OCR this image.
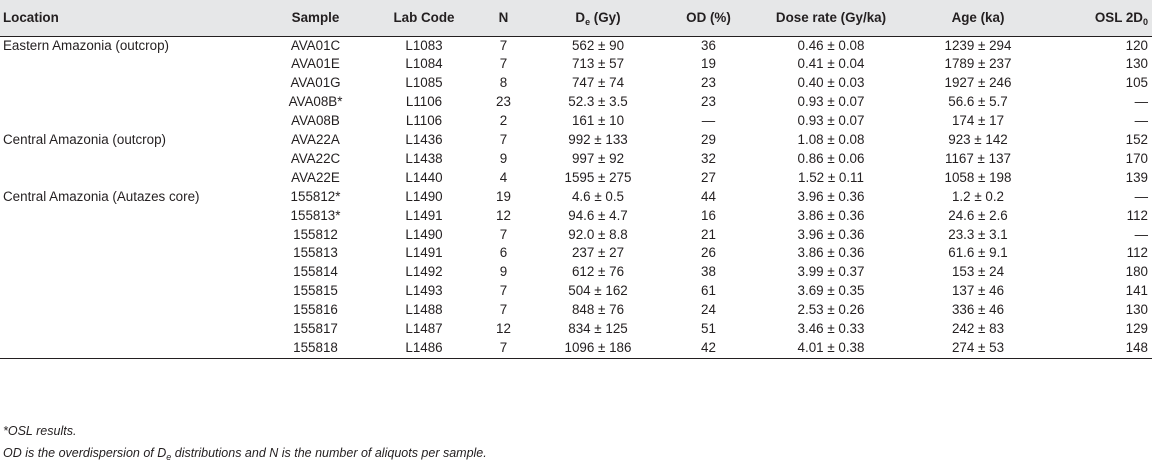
Location	Sample	Lab Code	N	$D_e$ (Gy)	OD (%)	Dose rate (Gy/ka)	Age (ka)	OSL $2D_0$
Eastern Amazonia (outcrop)	AVA01C	L1083	7	562 ± 90	36	0.46 ± 0.08	1239 ± 294	120
	AVA01E	L1084	7	713 ± 57	19	0.41 ± 0.04	1789 ± 237	130
	AVA01G	L1085	8	747 ± 74	23	0.40 ± 0.03	1927 ± 246	105
	AVA08B*	L1106	23	52.3 ± 3.5	23	0.93 ± 0.07	56.6 ± 5.7	—
	AVA08B	L1106	2	161 ± 10	—	0.93 ± 0.07	174 ± 17	—
Central Amazonia (outcrop)	AVA22A	L1436	7	992 ± 133	29	1.08 ± 0.08	923 ± 142	152
	AVA22C	L1438	9	997 ± 92	32	0.86 ± 0.06	1167 ± 137	170
	AVA22E	L1440	4	1595 ± 275	27	1.52 ± 0.11	1058 ± 198	139
Central Amazonia (Autazes core)	155812*	L1490	19	4.6 ± 0.5	44	3.96 ± 0.36	1.2 ± 0.2	—
	155813*	L1491	12	94.6 ± 4.7	16	3.86 ± 0.36	24.6 ± 2.6	112
	155812	L1490	7	92.0 ± 8.8	21	3.96 ± 0.36	23.3 ± 3.1	—
	155813	L1491	6	237 ± 27	26	3.86 ± 0.36	61.6 ± 9.1	112
	155814	L1492	9	612 ± 76	38	3.99 ± 0.37	153 ± 24	180
	155815	L1493	7	504 ± 162	61	3.69 ± 0.35	137 ± 46	141
	155816	L1488	7	848 ± 76	24	2.53 ± 0.26	336 ± 46	130
	155817	L1487	12	834 ± 125	51	3.46 ± 0.33	242 ± 83	129
	155818	L1486	7	1096 ± 186	42	4.01 ± 0.38	274 ± 53	148
*OSL results.
OD is the overdispersion of $D_e$ distributions and N is the number of aliquots per sample.
